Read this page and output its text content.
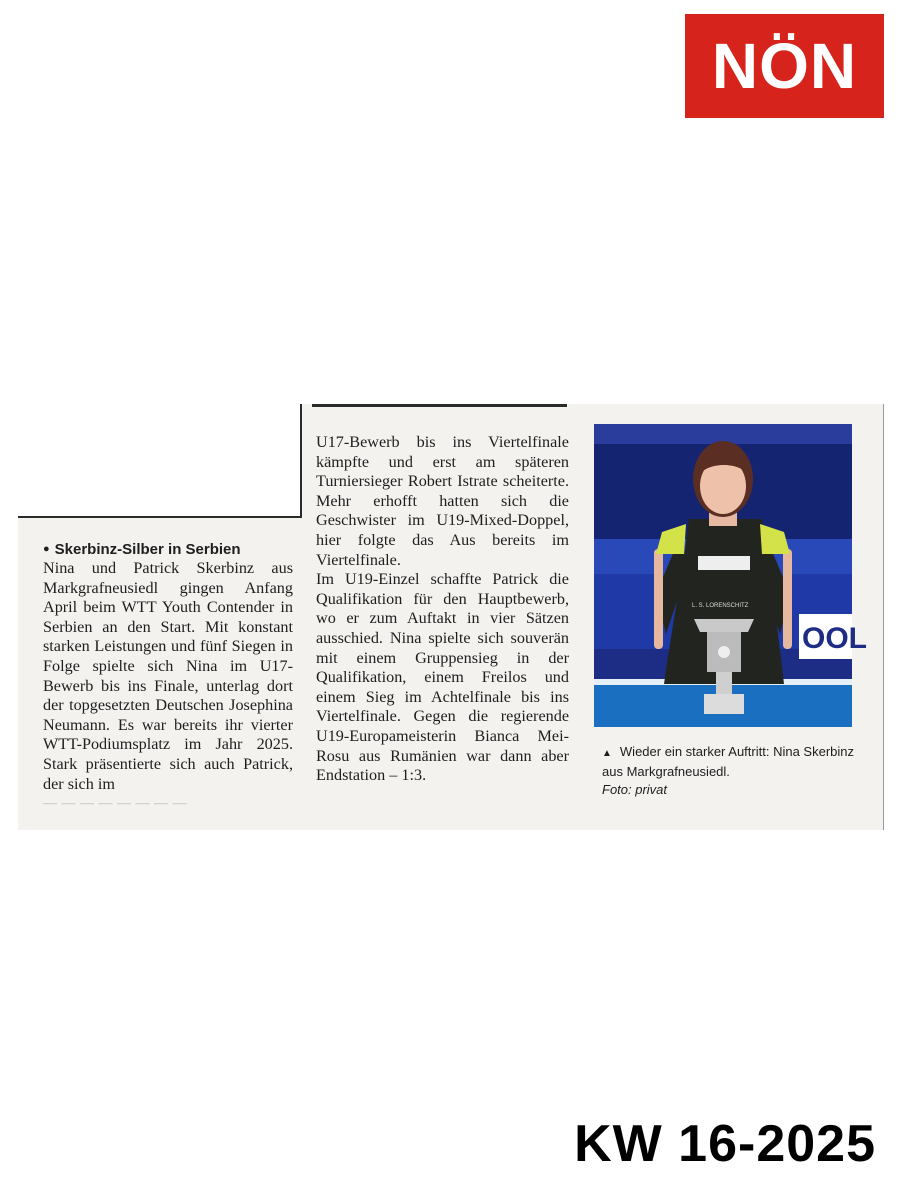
NÖN

● Skerbinz-Silber in Serbien

Nina und Patrick Skerbinz aus Markgrafneusiedl gingen Anfang April beim WTT Youth Contender in Serbien an den Start. Mit konstant starken Leistungen und fünf Siegen in Folge spielte sich Nina im U17-Bewerb bis ins Finale, unterlag dort der topgesetzten Deutschen Josephina Neumann. Es war bereits ihr vierter WTT-Podiumsplatz im Jahr 2025. Stark präsentierte sich auch Patrick, der sich im

— — — — — — — —

U17-Bewerb bis ins Viertelfinale kämpfte und erst am späteren Turniersieger Robert Istrate scheiterte. Mehr erhofft hatten sich die Geschwister im U19-Mixed-Doppel, hier folgte das Aus bereits im Viertelfinale.

Im U19-Einzel schaffte Patrick die Qualifikation für den Hauptbewerb, wo er zum Auftakt in vier Sätzen ausschied. Nina spielte sich souverän mit einem Gruppensieg in der Qualifikation, einem Freilos und einem Sieg im Achtelfinale bis ins Viertelfinale. Gegen die regierende U19-Europameisterin Bianca Mei-Rosu aus Rumänien war dann aber Endstation – 1:3.

OOL
L. S. LORENSCHITZ
▲ Wieder ein starker Auftritt: Nina Skerbinz aus Markgrafneusiedl.
Foto: privat
KW 16-2025
